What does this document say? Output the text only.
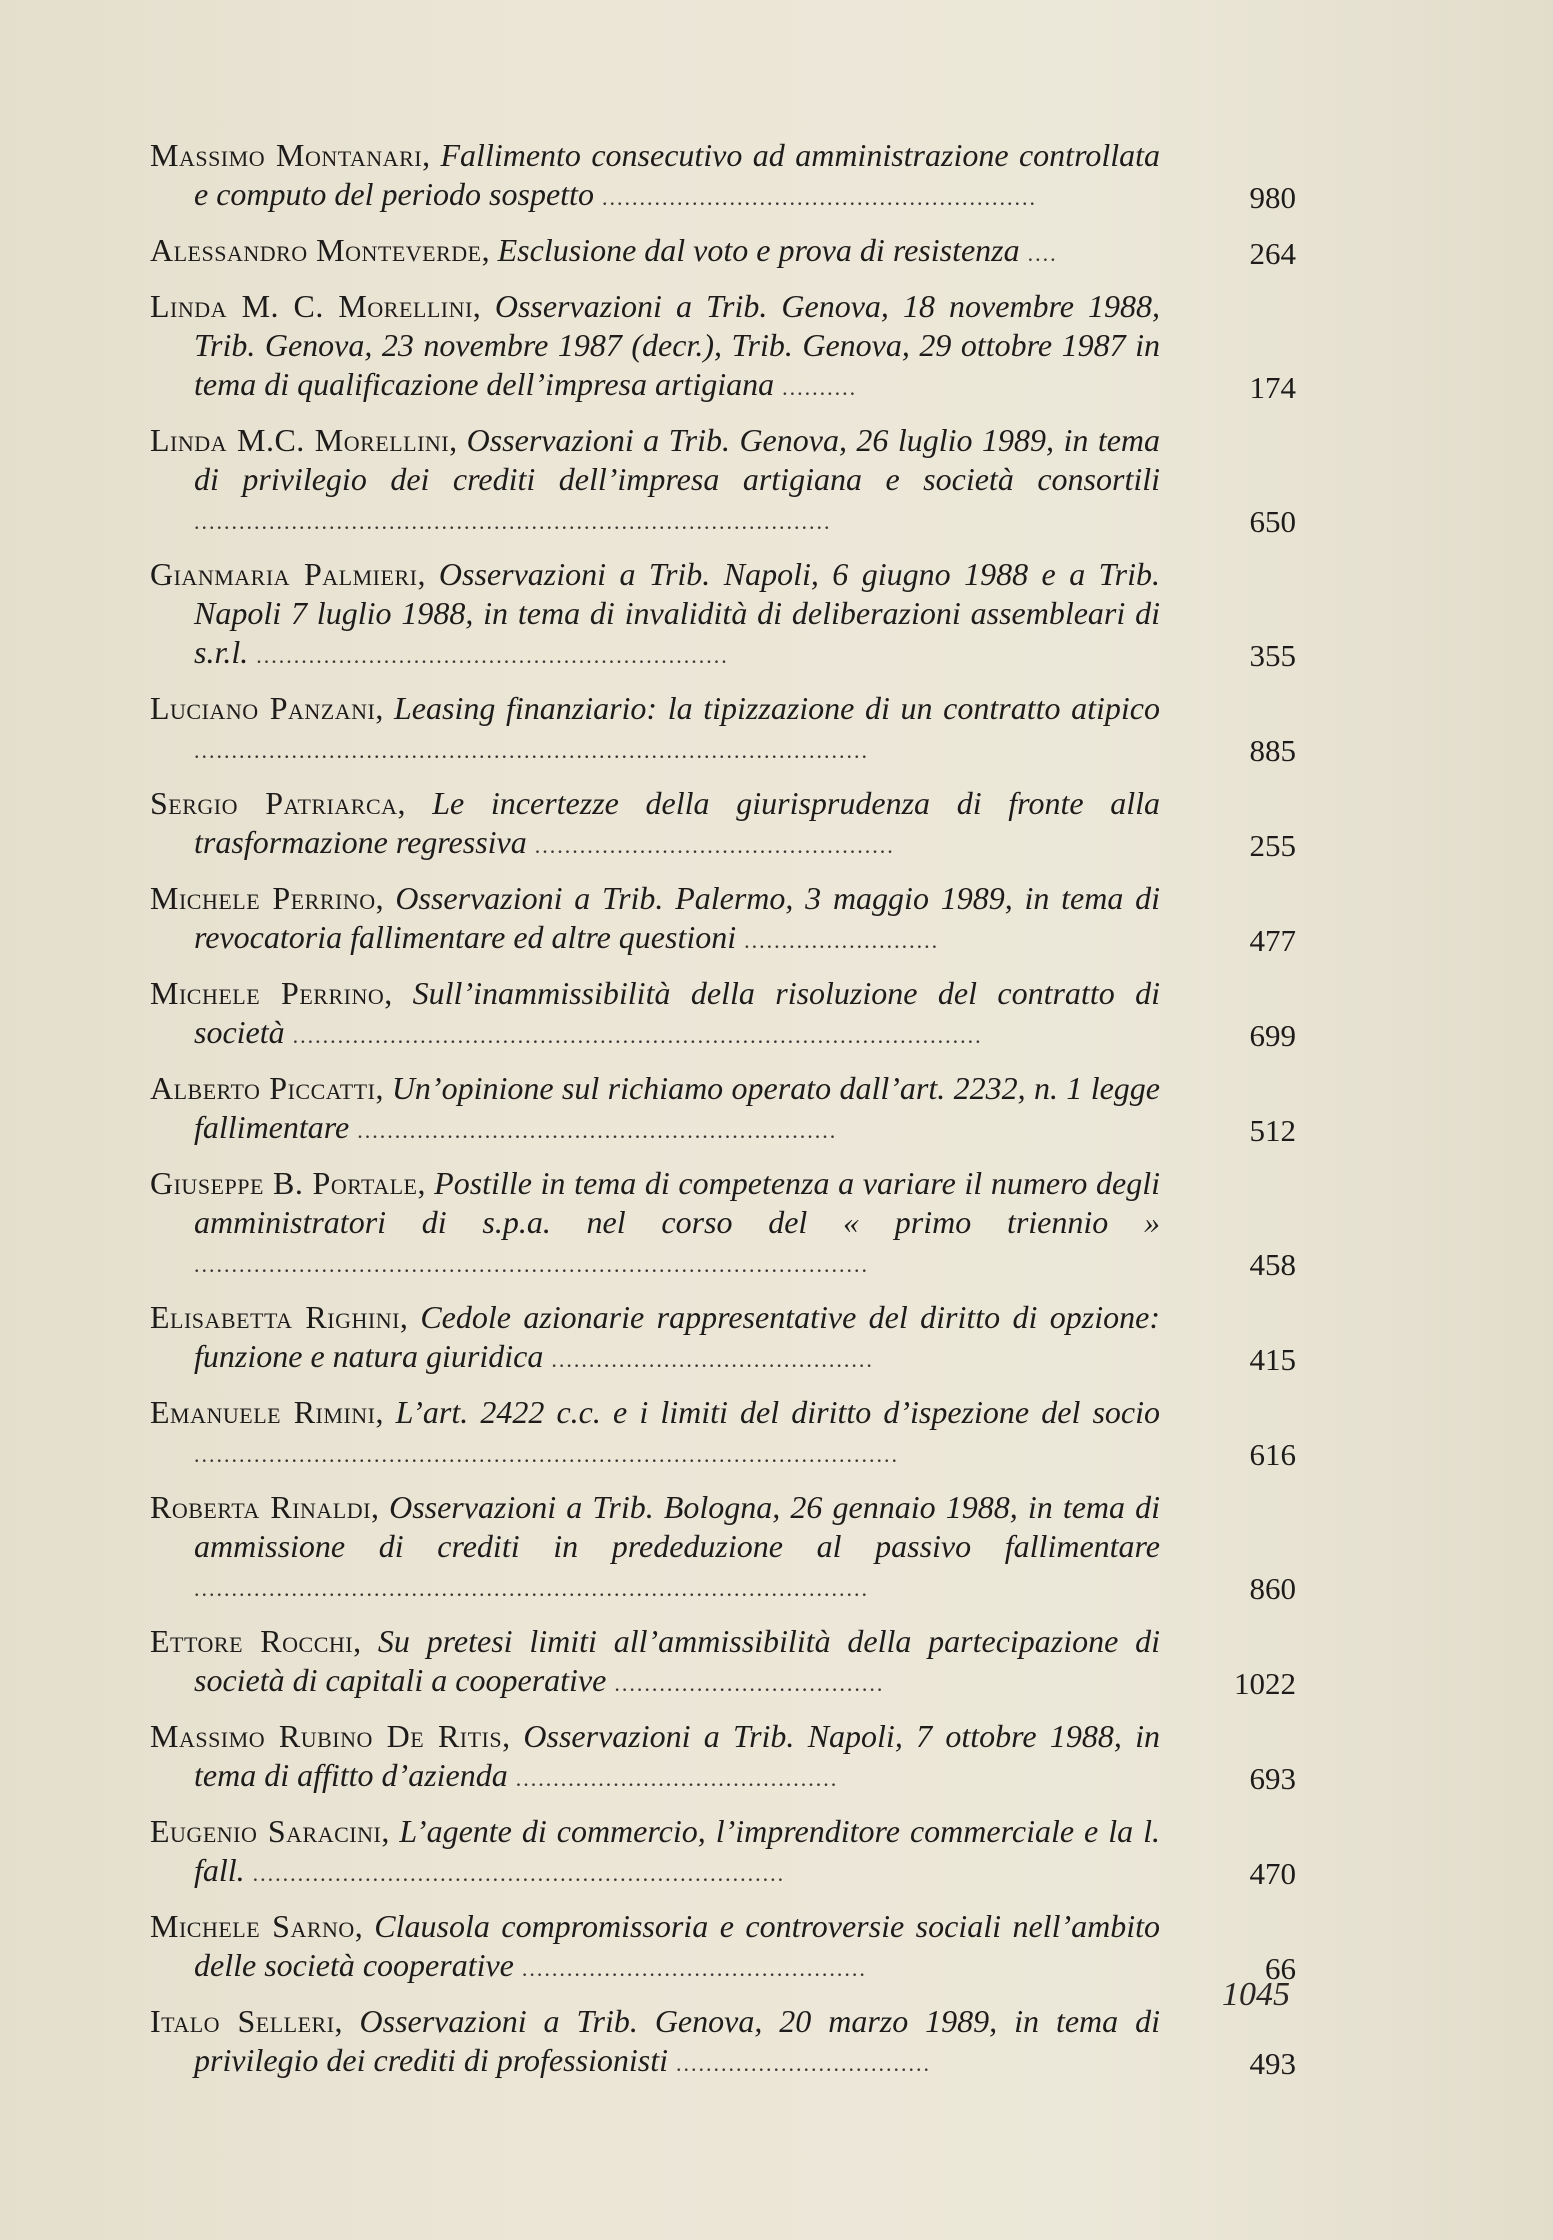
Massimo Montanari, Fallimento consecutivo ad amministrazione controllata e computo del periodo sospetto ..........................................................	980
Alessandro Monteverde, Esclusione dal voto e prova di resistenza ....	264
Linda M. C. Morellini, Osservazioni a Trib. Genova, 18 novembre 1988, Trib. Genova, 23 novembre 1987 (decr.), Trib. Genova, 29 ottobre 1987 in tema di qualificazione dell’impresa artigiana ..........	174
Linda M.C. Morellini, Osservazioni a Trib. Genova, 26 luglio 1989, in tema di privilegio dei crediti dell’impresa artigiana e società consortili .....................................................................................	650
Gianmaria Palmieri, Osservazioni a Trib. Napoli, 6 giugno 1988 e a Trib. Napoli 7 luglio 1988, in tema di invalidità di deliberazioni assembleari di s.r.l. ...............................................................	355
Luciano Panzani, Leasing finanziario: la tipizzazione di un contratto atipico ..........................................................................................	885
Sergio Patriarca, Le incertezze della giurisprudenza di fronte alla trasformazione regressiva ................................................	255
Michele Perrino, Osservazioni a Trib. Palermo, 3 maggio 1989, in tema di revocatoria fallimentare ed altre questioni ..........................	477
Michele Perrino, Sull’inammissibilità della risoluzione del contratto di società ............................................................................................	699
Alberto Piccatti, Un’opinione sul richiamo operato dall’art. 2232, n. 1 legge fallimentare ................................................................	512
Giuseppe B. Portale, Postille in tema di competenza a variare il numero degli amministratori di s.p.a. nel corso del « primo triennio » ..........................................................................................	458
Elisabetta Righini, Cedole azionarie rappresentative del diritto di opzione: funzione e natura giuridica ...........................................	415
Emanuele Rimini, L’art. 2422 c.c. e i limiti del diritto d’ispezione del socio ..............................................................................................	616
Roberta Rinaldi, Osservazioni a Trib. Bologna, 26 gennaio 1988, in tema di ammissione di crediti in prededuzione al passivo fallimentare ..........................................................................................	860
Ettore Rocchi, Su pretesi limiti all’ammissibilità della partecipazione di società di capitali a cooperative ....................................	1022
Massimo Rubino De Ritis, Osservazioni a Trib. Napoli, 7 ottobre 1988, in tema di affitto d’azienda ...........................................	693
Eugenio Saracini, L’agente di commercio, l’imprenditore commerciale e la l. fall. .......................................................................	470
Michele Sarno, Clausola compromissoria e controversie sociali nell’ambito delle società cooperative ..............................................	66
Italo Selleri, Osservazioni a Trib. Genova, 20 marzo 1989, in tema di privilegio dei crediti di professionisti ..................................	493
1045
